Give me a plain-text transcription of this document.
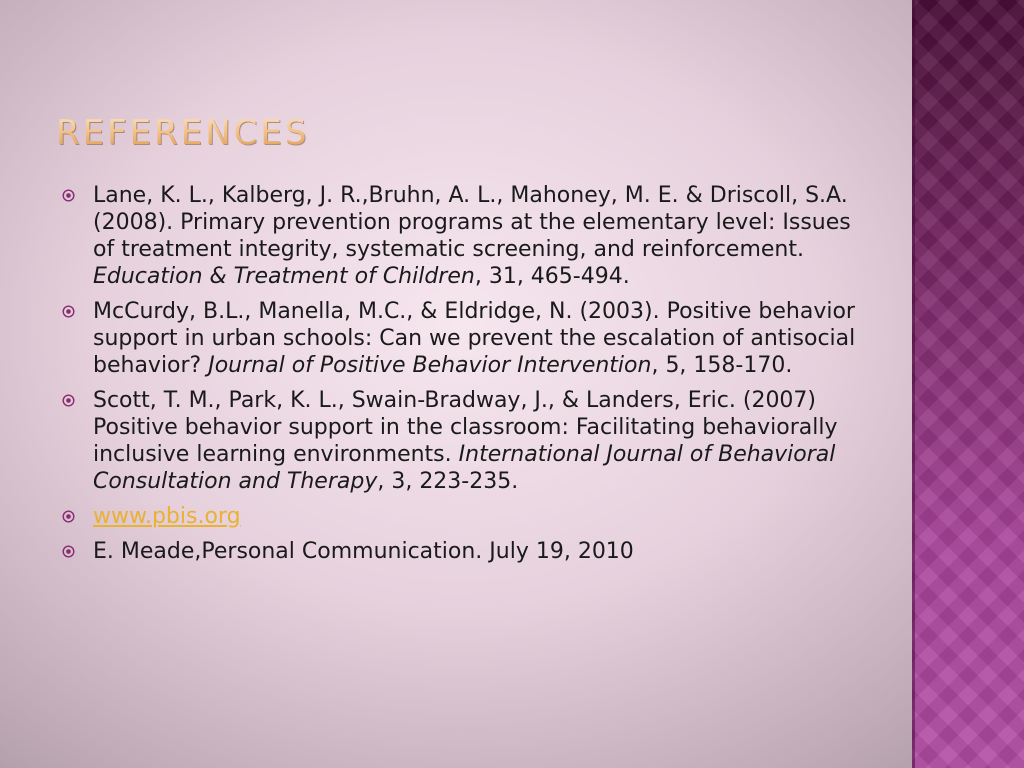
references
Lane, K. L., Kalberg, J. R.,Bruhn, A. L., Mahoney, M. E. & Driscoll, S.A. (2008). Primary prevention programs at the elementary level: Issues of treatment integrity, systematic screening, and reinforcement. Education & Treatment of Children, 31, 465-494.
McCurdy, B.L., Manella, M.C., & Eldridge, N. (2003). Positive behavior support in urban schools: Can we prevent the escalation of antisocial behavior? Journal of Positive Behavior Intervention, 5, 158-170.
Scott, T. M., Park, K. L., Swain-Bradway, J., & Landers, Eric. (2007) Positive behavior support in the classroom: Facilitating behaviorally inclusive learning environments. International Journal of Behavioral Consultation and Therapy, 3, 223-235.
www.pbis.org
E. Meade,Personal Communication. July 19, 2010
